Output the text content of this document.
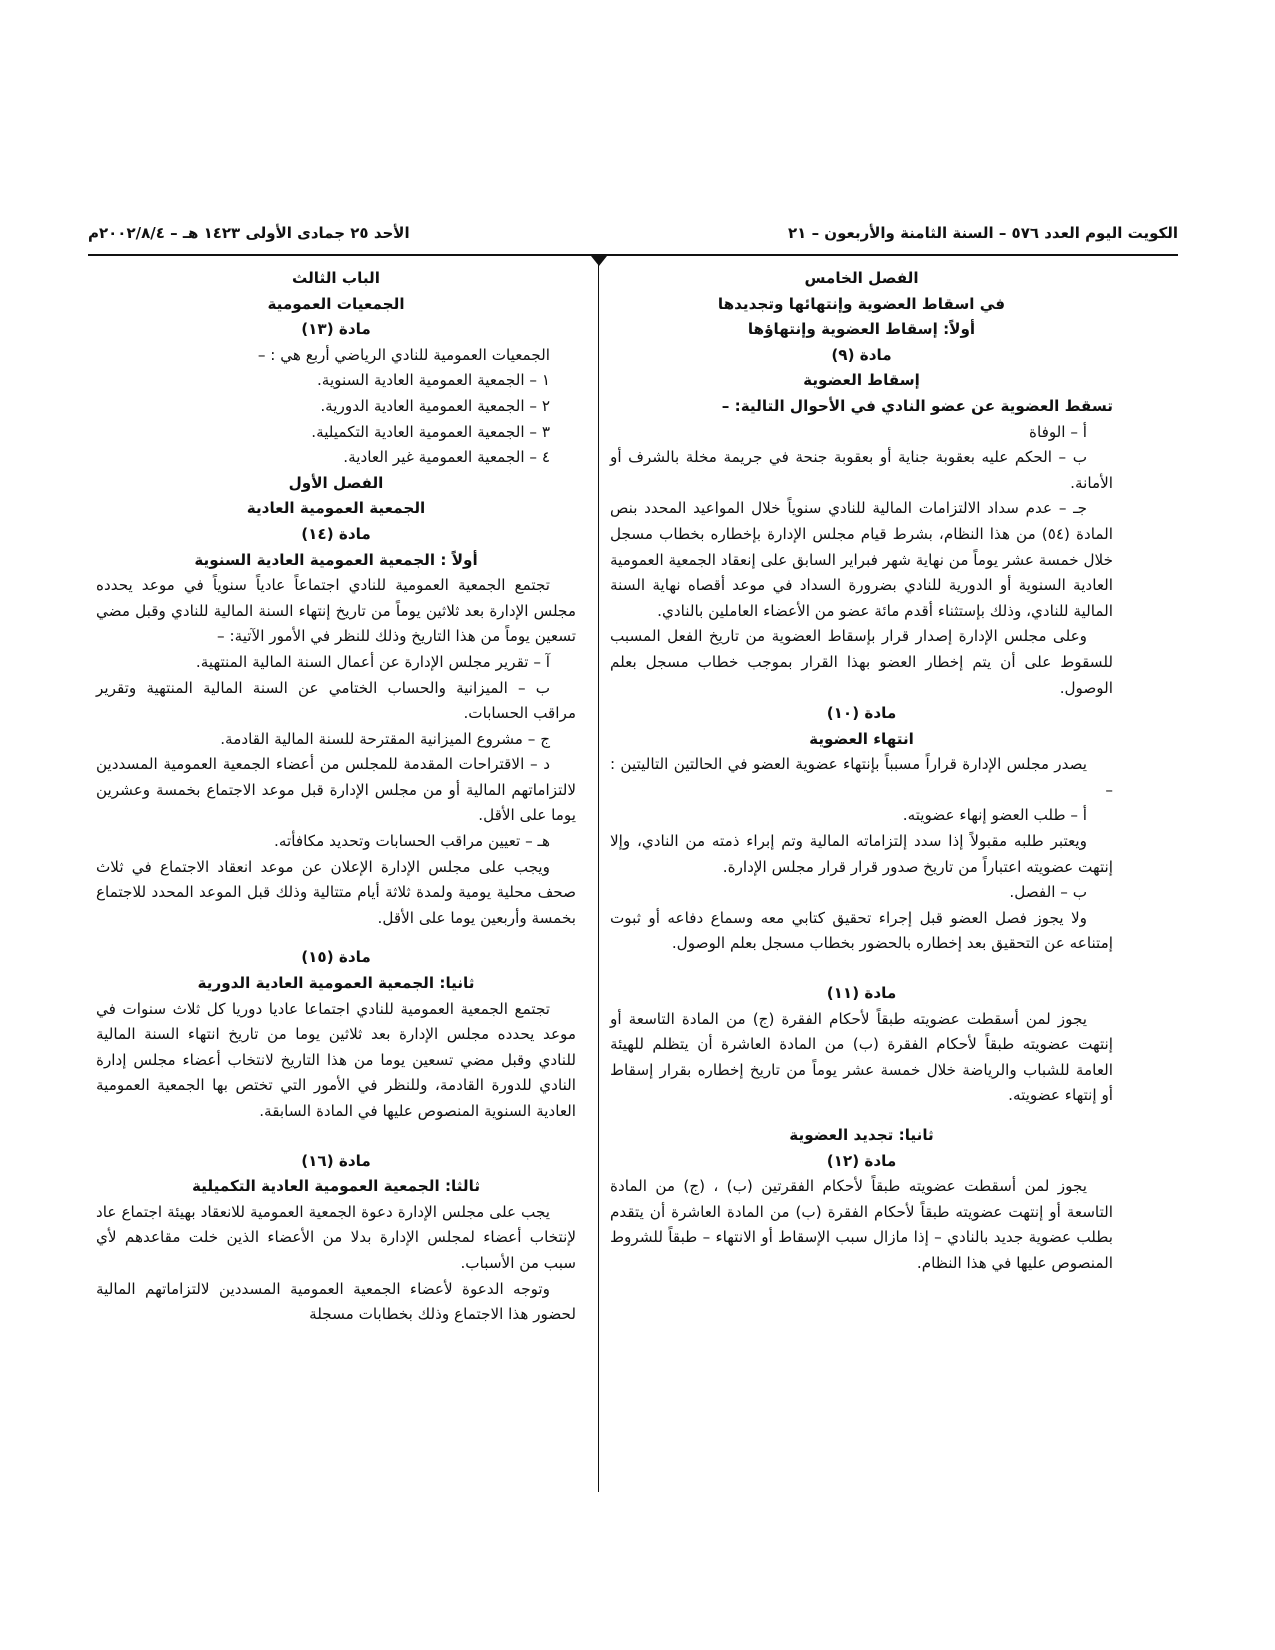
الكويت اليوم العدد ٥٧٦ – السنة الثامنة والأربعون – ٢١
الأحد ٢٥ جمادى الأولى ١٤٢٣ هـ – ٢٠٠٢/٨/٤م

الفصل الخامس

في اسقاط العضوية وإنتهائها وتجديدها

أولاً: إسقاط العضوية وإنتهاؤها

مادة (٩)

إسقاط العضوية

تسقط العضوية عن عضو النادي في الأحوال التالية: –

أ – الوفاة

ب – الحكم عليه بعقوبة جناية أو بعقوبة جنحة في جريمة مخلة بالشرف أو الأمانة.

جـ – عدم سداد الالتزامات المالية للنادي سنوياً خلال المواعيد المحدد بنص المادة (٥٤) من هذا النظام، بشرط قيام مجلس الإدارة بإخطاره بخطاب مسجل خلال خمسة عشر يوماً من نهاية شهر فبراير السابق على إنعقاد الجمعية العمومية العادية السنوية أو الدورية للنادي بضرورة السداد في موعد أقصاه نهاية السنة المالية للنادي، وذلك بإستثناء أقدم مائة عضو من الأعضاء العاملين بالنادي.

وعلى مجلس الإدارة إصدار قرار بإسقاط العضوية من تاريخ الفعل المسبب للسقوط على أن يتم إخطار العضو بهذا القرار بموجب خطاب مسجل بعلم الوصول.

مادة (١٠)

انتهاء العضوية

يصدر مجلس الإدارة قراراً مسبباً بإنتهاء عضوية العضو في الحالتين التاليتين : –

أ – طلب العضو إنهاء عضويته.

ويعتبر طلبه مقبولاً إذا سدد إلتزاماته المالية وتم إبراء ذمته من النادي، وإلا إنتهت عضويته اعتباراً من تاريخ صدور قرار قرار مجلس الإدارة.

ب – الفصل.

ولا يجوز فصل العضو قبل إجراء تحقيق كتابي معه وسماع دفاعه أو ثبوت إمتناعه عن التحقيق بعد إخطاره بالحضور بخطاب مسجل بعلم الوصول.

مادة (١١)

يجوز لمن أسقطت عضويته طبقاً لأحكام الفقرة (ج) من المادة التاسعة أو إنتهت عضويته طبقاً لأحكام الفقرة (ب) من المادة العاشرة أن يتظلم للهيئة العامة للشباب والرياضة خلال خمسة عشر يوماً من تاريخ إخطاره بقرار إسقاط أو إنتهاء عضويته.

ثانيا: تجديد العضوية

مادة (١٢)

يجوز لمن أسقطت عضويته طبقاً لأحكام الفقرتين (ب) ، (ج) من المادة التاسعة أو إنتهت عضويته طبقاً لأحكام الفقرة (ب) من المادة العاشرة أن يتقدم بطلب عضوية جديد بالنادي – إذا مازال سبب الإسقاط أو الانتهاء – طبقاً للشروط المنصوص عليها في هذا النظام.

الباب الثالث

الجمعيات العمومية

مادة (١٣)

الجمعيات العمومية للنادي الرياضي أربع هي : –

١ – الجمعية العمومية العادية السنوية.

٢ – الجمعية العمومية العادية الدورية.

٣ – الجمعية العمومية العادية التكميلية.

٤ – الجمعية العمومية غير العادية.

الفصل الأول

الجمعية العمومية العادية

مادة (١٤)

أولاً : الجمعية العمومية العادية السنوية

تجتمع الجمعية العمومية للنادي اجتماعاً عادياً سنوياً في موعد يحدده مجلس الإدارة بعد ثلاثين يوماً من تاريخ إنتهاء السنة المالية للنادي وقبل مضي تسعين يوماً من هذا التاريخ وذلك للنظر في الأمور الآتية: –

آ – تقرير مجلس الإدارة عن أعمال السنة المالية المنتهية.

ب – الميزانية والحساب الختامي عن السنة المالية المنتهية وتقرير مراقب الحسابات.

ج – مشروع الميزانية المقترحة للسنة المالية القادمة.

د – الاقتراحات المقدمة للمجلس من أعضاء الجمعية العمومية المسددين لالتزاماتهم المالية أو من مجلس الإدارة قبل موعد الاجتماع بخمسة وعشرين يوما على الأقل.

هـ – تعيين مراقب الحسابات وتحديد مكافأته.

ويجب على مجلس الإدارة الإعلان عن موعد انعقاد الاجتماع في ثلاث صحف محلية يومية ولمدة ثلاثة أيام متتالية وذلك قبل الموعد المحدد للاجتماع بخمسة وأربعين يوما على الأقل.

مادة (١٥)

ثانيا: الجمعية العمومية العادية الدورية

تجتمع الجمعية العمومية للنادي اجتماعا عاديا دوريا كل ثلاث سنوات في موعد يحدده مجلس الإدارة بعد ثلاثين يوما من تاريخ انتهاء السنة المالية للنادي وقبل مضي تسعين يوما من هذا التاريخ لانتخاب أعضاء مجلس إدارة النادي للدورة القادمة، وللنظر في الأمور التي تختص بها الجمعية العمومية العادية السنوية المنصوص عليها في المادة السابقة.

مادة (١٦)

ثالثا: الجمعية العمومية العادية التكميلية

يجب على مجلس الإدارة دعوة الجمعية العمومية للانعقاد بهيئة اجتماع عاد لإنتخاب أعضاء لمجلس الإدارة بدلا من الأعضاء الذين خلت مقاعدهم لأي سبب من الأسباب.

وتوجه الدعوة لأعضاء الجمعية العمومية المسددين لالتزاماتهم المالية لحضور هذا الاجتماع وذلك بخطابات مسجلة
